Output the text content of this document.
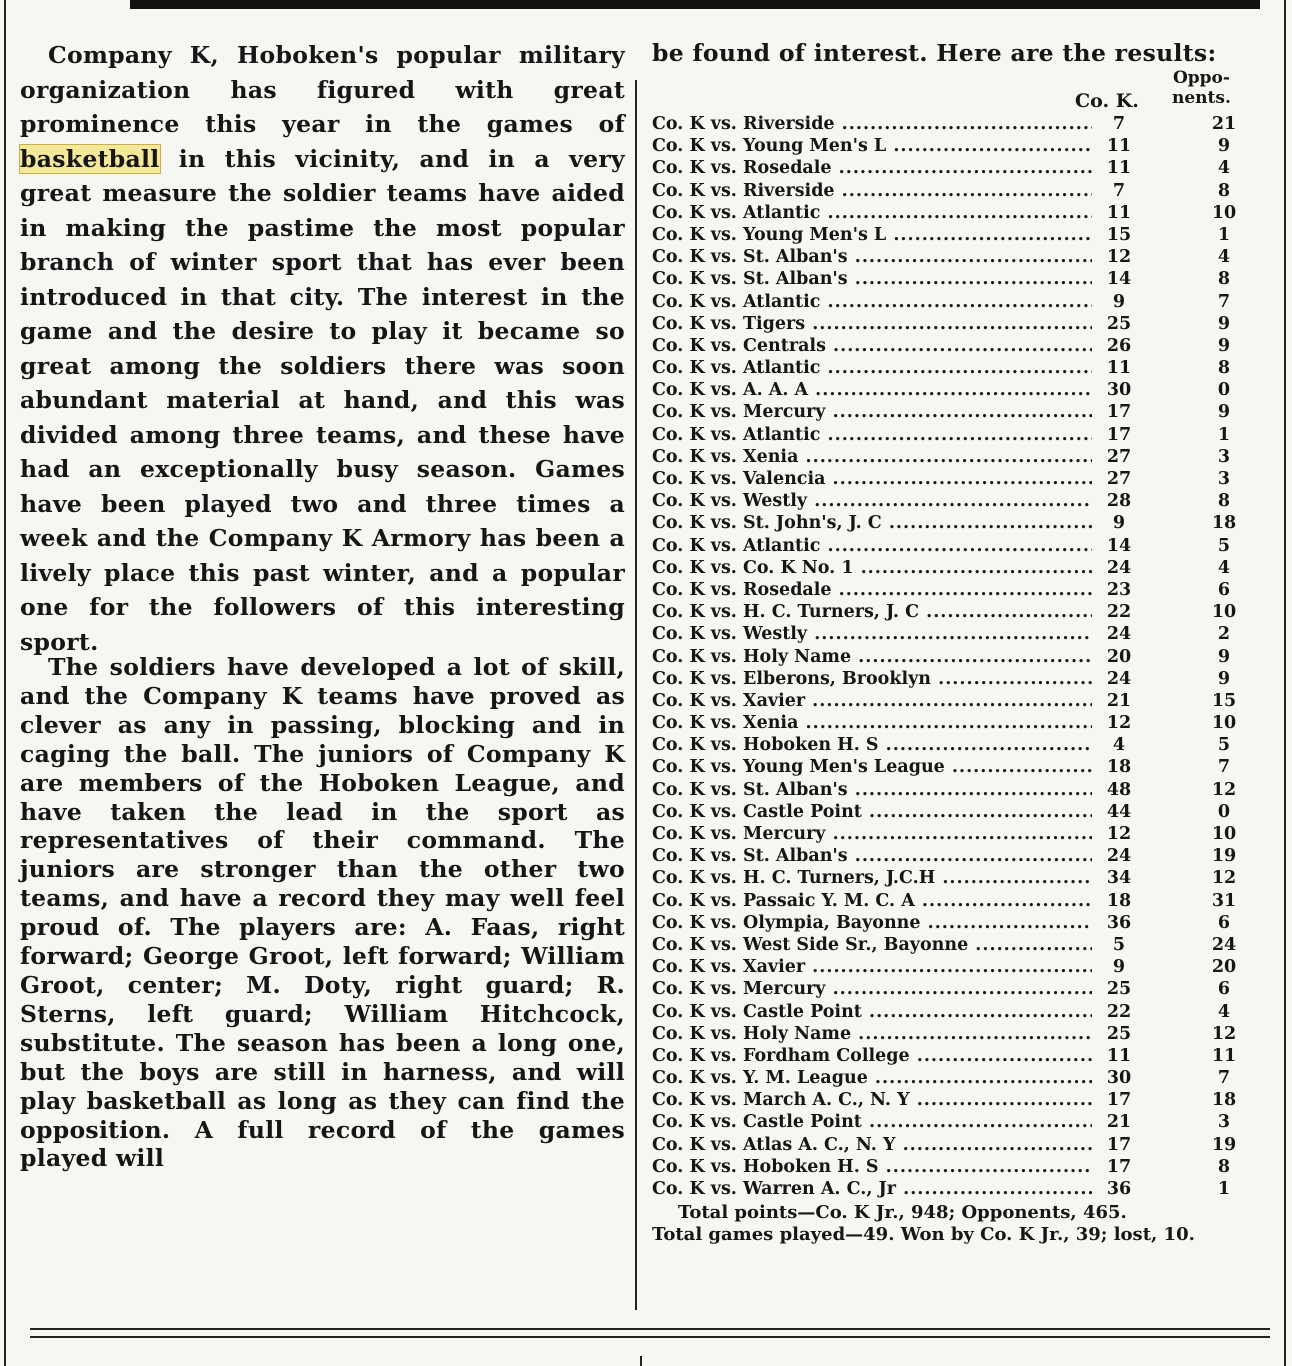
Company K, Hoboken's popular military organization has figured with great prominence this year in the games of basketball in this vicinity, and in a very great measure the soldier teams have aided in making the pastime the most popular branch of winter sport that has ever been introduced in that city. The interest in the game and the desire to play it became so great among the soldiers there was soon abundant material at hand, and this was divided among three teams, and these have had an exceptionally busy season. Games have been played two and three times a week and the Company K Armory has been a lively place this past winter, and a popular one for the followers of this interesting sport.

The soldiers have developed a lot of skill, and the Company K teams have proved as clever as any in passing, blocking and in caging the ball. The juniors of Company K are members of the Hoboken League, and have taken the lead in the sport as representatives of their command. The juniors are stronger than the other two teams, and have a record they may well feel proud of. The players are: A. Faas, right forward; George Groot, left forward; William Groot, center; M. Doty, right guard; R. Sterns, left guard; William Hitchcock, substitute. The season has been a long one, but the boys are still in harness, and will play basketball as long as they can find the opposition. A full record of the games played will

be found of interest. Here are the results:
Co. K.
Oppo-
nents.
Co. K vs. Riverside .....	7	21
Co. K vs. Young Men's L .....	11	9
Co. K vs. Rosedale .....	11	4
Co. K vs. Riverside .....	7	8
Co. K vs. Atlantic .....	11	10
Co. K vs. Young Men's L .....	15	1
Co. K vs. St. Alban's .....	12	4
Co. K vs. St. Alban's .....	14	8
Co. K vs. Atlantic .....	9	7
Co. K vs. Tigers .....	25	9
Co. K vs. Centrals .....	26	9
Co. K vs. Atlantic .....	11	8
Co. K vs. A. A. A .....	30	0
Co. K vs. Mercury .....	17	9
Co. K vs. Atlantic .....	17	1
Co. K vs. Xenia .....	27	3
Co. K vs. Valencia .....	27	3
Co. K vs. Westly .....	28	8
Co. K vs. St. John's, J. C .....	9	18
Co. K vs. Atlantic .....	14	5
Co. K vs. Co. K No. 1 .....	24	4
Co. K vs. Rosedale .....	23	6
Co. K vs. H. C. Turners, J. C .....	22	10
Co. K vs. Westly .....	24	2
Co. K vs. Holy Name .....	20	9
Co. K vs. Elberons, Brooklyn .....	24	9
Co. K vs. Xavier .....	21	15
Co. K vs. Xenia .....	12	10
Co. K vs. Hoboken H. S .....	4	5
Co. K vs. Young Men's League .....	18	7
Co. K vs. St. Alban's .....	48	12
Co. K vs. Castle Point .....	44	0
Co. K vs. Mercury .....	12	10
Co. K vs. St. Alban's .....	24	19
Co. K vs. H. C. Turners, J.C.H .....	34	12
Co. K vs. Passaic Y. M. C. A .....	18	31
Co. K vs. Olympia, Bayonne .....	36	6
Co. K vs. West Side Sr., Bayonne .....	5	24
Co. K vs. Xavier .....	9	20
Co. K vs. Mercury .....	25	6
Co. K vs. Castle Point .....	22	4
Co. K vs. Holy Name .....	25	12
Co. K vs. Fordham College .....	11	11
Co. K vs. Y. M. League .....	30	7
Co. K vs. March A. C., N. Y .....	17	18
Co. K vs. Castle Point .....	21	3
Co. K vs. Atlas A. C., N. Y .....	17	19
Co. K vs. Hoboken H. S .....	17	8
Co. K vs. Warren A. C., Jr .....	36	1
Total points—Co. K Jr., 948; Opponents, 465.
Total games played—49. Won by Co. K Jr., 39; lost, 10.
